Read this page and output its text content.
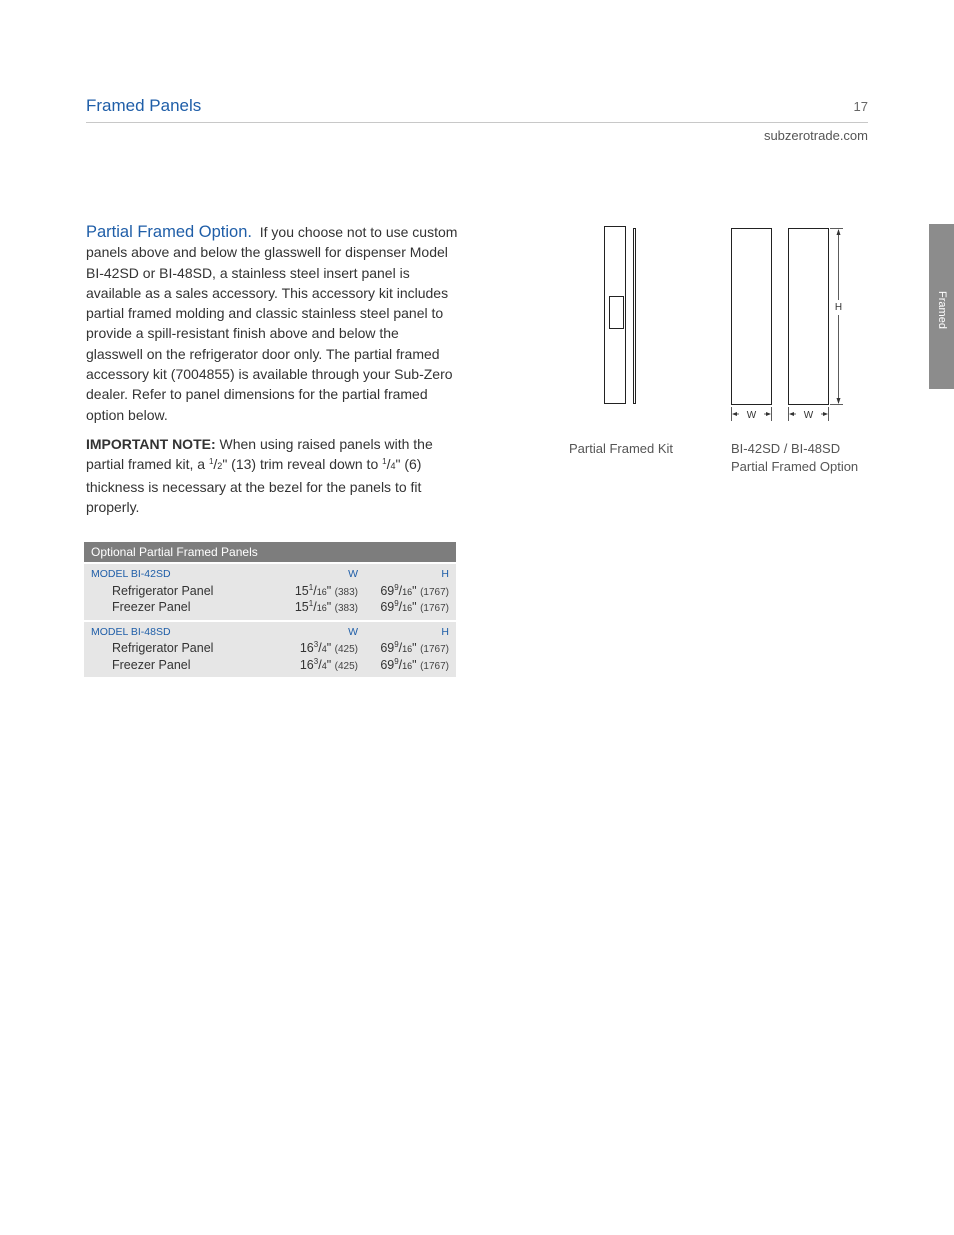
Framed Panels	17
subzerotrade.com
Framed

Partial Framed Option. If you choose not to use custom panels above and below the glasswell for dispenser Model BI-42SD or BI-48SD, a stainless steel insert panel is available as a sales accessory. This accessory kit includes partial framed molding and classic stainless steel panel to provide a spill-resistant finish above and below the glasswell on the refrigerator door only. The partial framed accessory kit (7004855) is available through your Sub-Zero dealer. Refer to panel dimensions for the partial framed option below.

IMPORTANT NOTE: When using raised panels with the partial framed kit, a $^1$/2" (13) trim reveal down to $^1$/4" (6) thickness is necessary at the bezel for the panels to fit properly.

Optional Partial Framed Panels
MODEL BI-42SD	W	H
Refrigerator Panel	$15^1/16$" (383) $69^9/16$" (1767)
Freezer Panel	$15^1/16$" (383) $69^9/16$" (1767)
MODEL BI-48SD	W	H
Refrigerator Panel	$16^3/4$" (425) $69^9/16$" (1767)
Freezer Panel	$16^3/4$" (425) $69^9/16$" (1767)
H
W	W
Partial Framed Kit	BI-42SD / BI-48SD
Partial Framed Option
